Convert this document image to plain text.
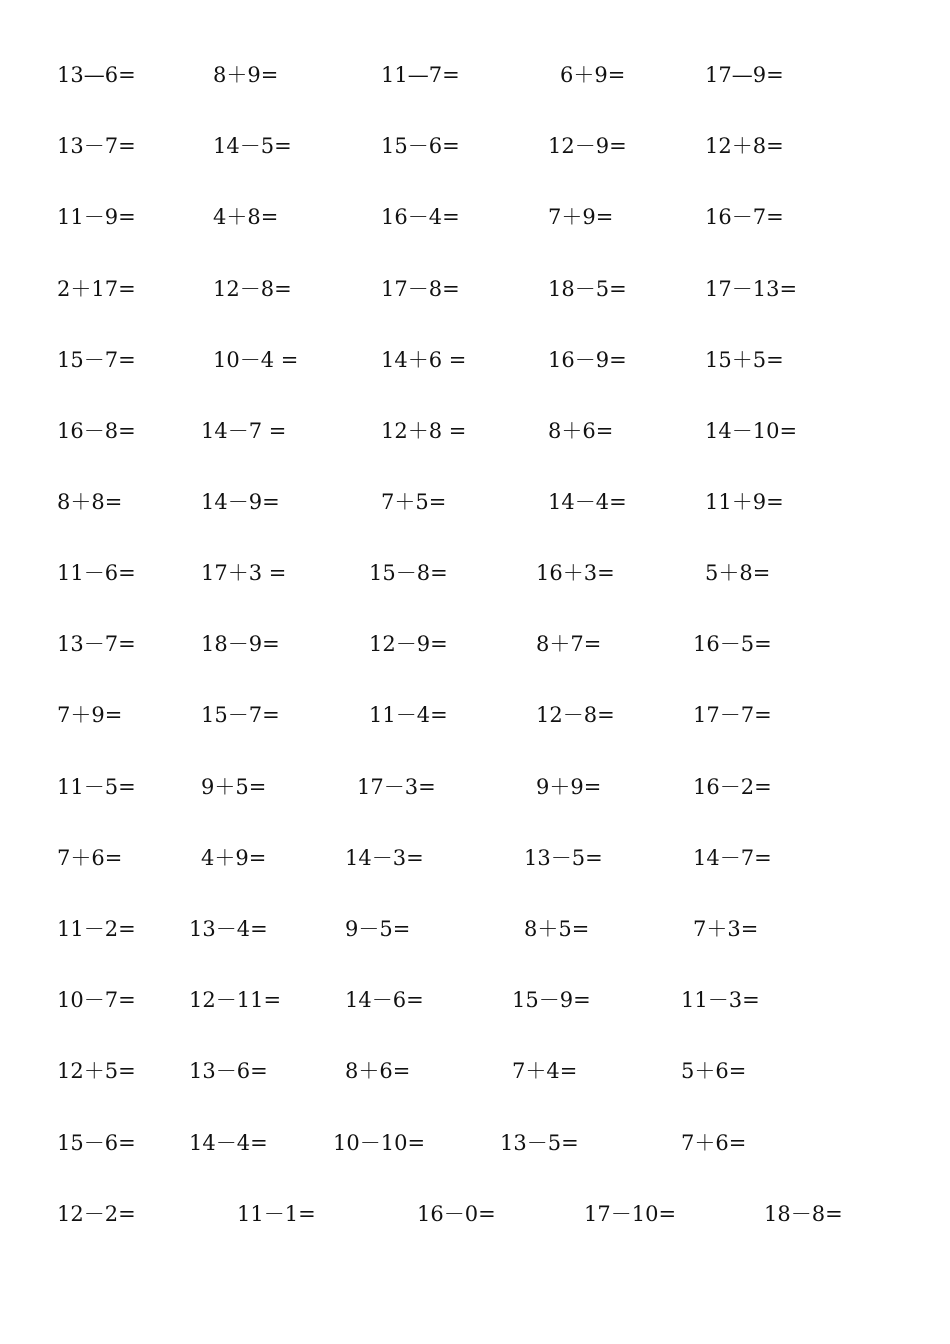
13—6=	8＋9=	11—7=	6＋9=	17—9=
13－7=	14－5=	15－6=	12－9=	12＋8=
11－9=	4＋8=	16－4=	7＋9=	16－7=
2＋17=	12－8=	17－8=	18－5=	17－13=
15－7=	10－4 =	14＋6 =	16－9=	15＋5=
16－8=	14－7 =	12＋8 =	8＋6=	14－10=
8＋8=	14－9=	7＋5=	14－4=	11＋9=
11－6=	17＋3 =	15－8=	16＋3=	5＋8=
13－7=	18－9=	12－9=	8＋7=	16－5=
7＋9=	15－7=	11－4=	12－8=	17－7=
11－5=	9＋5=	17－3=	9＋9=	16－2=
7＋6=	4＋9=	14－3=	13－5=	14－7=
11－2=	13－4=	9－5=	8＋5=	7＋3=
10－7=	12－11=	14－6=	15－9=	11－3=
12＋5=	13－6=	8＋6=	7＋4=	5＋6=
15－6=	14－4=	10－10=	13－5=	7＋6=
12－2=	11－1=	16－0=	17－10=	18－8=
